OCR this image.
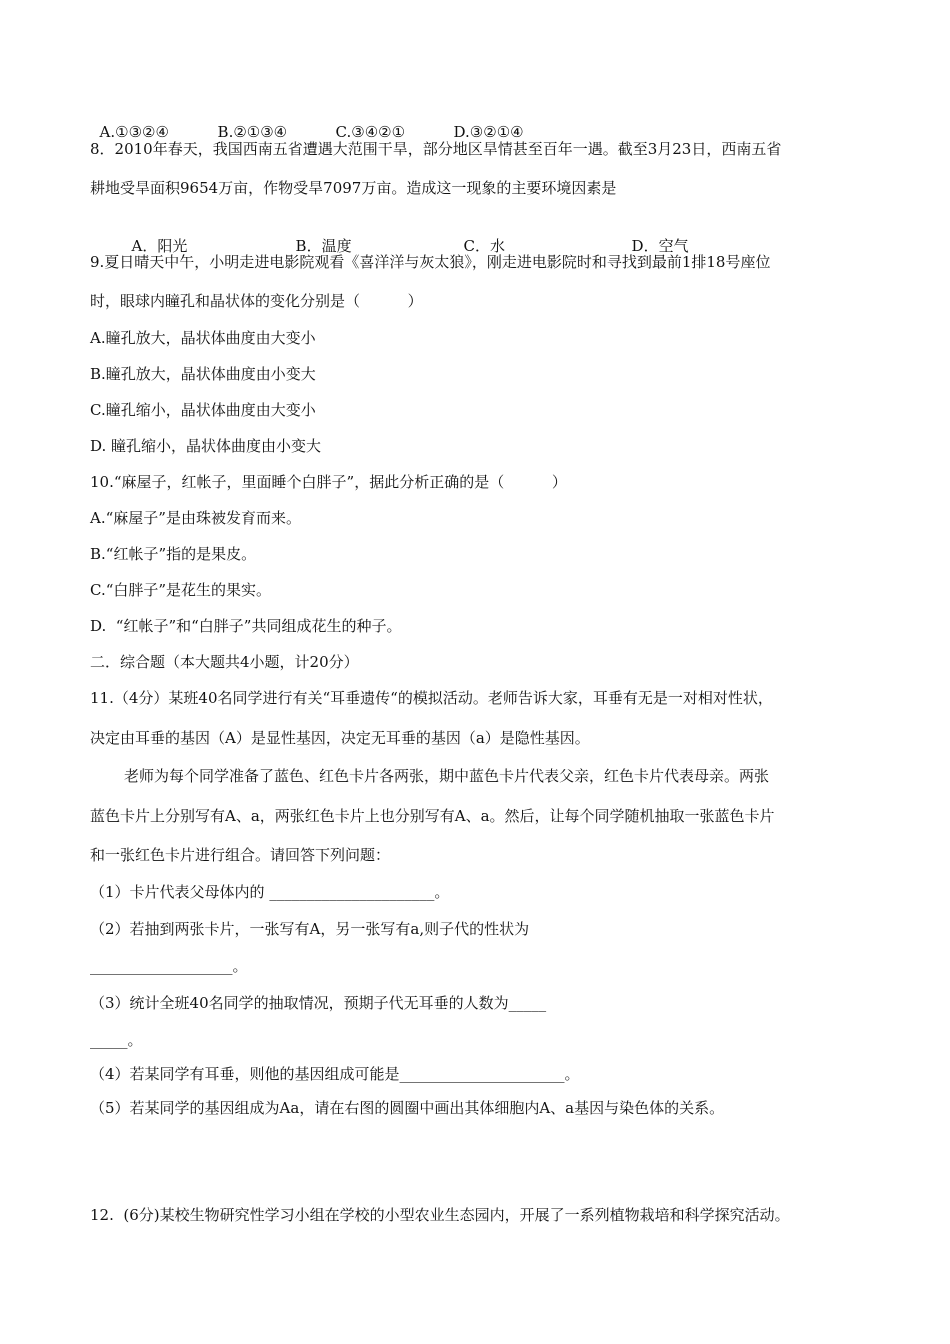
A.①③②④	B.②①③④	C.③④②①	D.③②①④

8．2010年春天，我国西南五省遭遇大范围干旱，部分地区旱情甚至百年一遇。截至3月23日，西南五省
耕地受旱面积9654万亩，作物受旱7097万亩。造成这一现象的主要环境因素是

A．阳光	B．温度	C．水	D．空气

9.夏日晴天中午，小明走进电影院观看《喜洋洋与灰太狼》，刚走进电影院时和寻找到最前1排18号座位
时，眼球内瞳孔和晶状体的变化分别是（          ）
A.瞳孔放大，晶状体曲度由大变小
B.瞳孔放大，晶状体曲度由小变大
C.瞳孔缩小，晶状体曲度由大变小
D. 瞳孔缩小，晶状体曲度由小变大
10.“麻屋子，红帐子，里面睡个白胖子”，据此分析正确的是（          ）
A.“麻屋子”是由珠被发育而来。
B.“红帐子”指的是果皮。
C.“白胖子”是花生的果实。
D.  “红帐子”和“白胖子”共同组成花生的种子。
二．综合题（本大题共4小题，计20分）
11.（4分）某班40名同学进行有关“耳垂遗传“的模拟活动。老师告诉大家，耳垂有无是一对相对性状，
决定由耳垂的基因（A）是显性基因，决定无耳垂的基因（a）是隐性基因。
老师为每个同学准备了蓝色、红色卡片各两张，期中蓝色卡片代表父亲，红色卡片代表母亲。两张
蓝色卡片上分别写有A、a，两张红色卡片上也分别写有A、a。然后，让每个同学随机抽取一张蓝色卡片
和一张红色卡片进行组合。请回答下列问题：
（1）卡片代表父母体内的 ______________________。
（2）若抽到两张卡片，一张写有A，另一张写有a,则子代的性状为
___________________。
（3）统计全班40名同学的抽取情况，预期子代无耳垂的人数为_____
_____。
（4）若某同学有耳垂，则他的基因组成可能是______________________。
（5）若某同学的基因组成为Aa，请在右图的圆圈中画出其体细胞内A、a基因与染色体的关系。
12.  (6分)某校生物研究性学习小组在学校的小型农业生态园内，开展了一系列植物栽培和科学探究活动。
